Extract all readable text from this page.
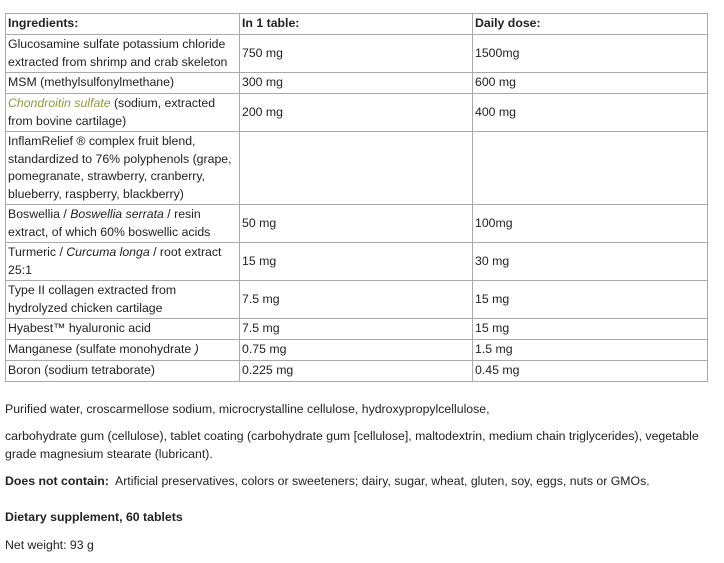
Ingredients:	In 1 table:	Daily dose:
Glucosamine sulfate potassium chloride extracted from shrimp and crab skeleton	750 mg	1500mg
MSM (methylsulfonylmethane)	300 mg	600 mg
Chondroitin sulfate (sodium, extracted from bovine cartilage)	200 mg	400 mg
InflamRelief ® complex fruit blend, standardized to 76% polyphenols (grape, pomegranate, strawberry, cranberry, blueberry, raspberry, blackberry)		
Boswellia / Boswellia serrata / resin extract, of which 60% boswellic acids	50 mg	100mg
Turmeric / Curcuma longa / root extract 25:1	15 mg	30 mg
Type II collagen extracted from hydrolyzed chicken cartilage	7.5 mg	15 mg
Hyabest™ hyaluronic acid	7.5 mg	15 mg
Manganese (sulfate monohydrate )	0.75 mg	1.5 mg
Boron (sodium tetraborate)	0.225 mg	0.45 mg
Purified water, croscarmellose sodium, microcrystalline cellulose, hydroxypropylcellulose,
carbohydrate gum (cellulose), tablet coating (carbohydrate gum [cellulose], maltodextrin, medium chain triglycerides), vegetable grade magnesium stearate (lubricant).
Does not contain:  Artificial preservatives, colors or sweeteners; dairy, sugar, wheat, gluten, soy, eggs, nuts or GMOs.
Dietary supplement, 60 tablets
Net weight: 93 g
